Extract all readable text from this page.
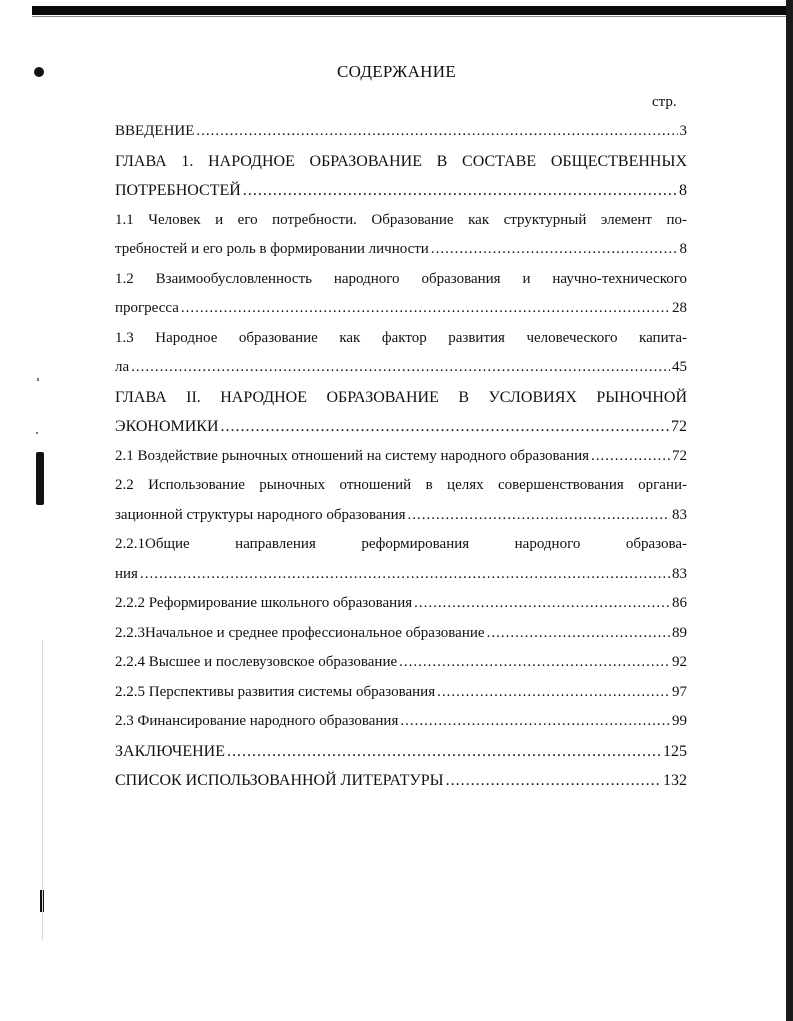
СОДЕРЖАНИЕ
стр.
ВВЕДЕНИЕ .....	3
ГЛАВА 1. НАРОДНОЕ ОБРАЗОВАНИЕ В СОСТАВЕ ОБЩЕСТВЕННЫХ
ПОТРЕБНОСТЕЙ .....	8
1.1 Человек и его потребности. Образование как структурный элемент по-
требностей и его роль в формировании личности .....	8
1.2 Взаимообусловленность народного образования и научно-технического
прогресса .....	28
1.3 Народное образование как фактор развития человеческого капита-
ла .....	45
ГЛАВА II. НАРОДНОЕ ОБРАЗОВАНИЕ В УСЛОВИЯХ РЫНОЧНОЙ
ЭКОНОМИКИ .....	72
2.1 Воздействие рыночных отношений на систему народного образования .....	72
2.2 Использование рыночных отношений в целях совершенствования органи-
зационной структуры народного образования .....	83
2.2.1Общие направления реформирования народного образова-
ния .....	83
2.2.2 Реформирование школьного образования .....	86
2.2.3Начальное и среднее профессиональное образование .....	89
2.2.4 Высшее и послевузовское образование .....	92
2.2.5 Перспективы развития системы образования .....	97
2.3 Финансирование народного образования .....	99
ЗАКЛЮЧЕНИЕ .....	125
СПИСОК ИСПОЛЬЗОВАННОЙ ЛИТЕРАТУРЫ .....	132
